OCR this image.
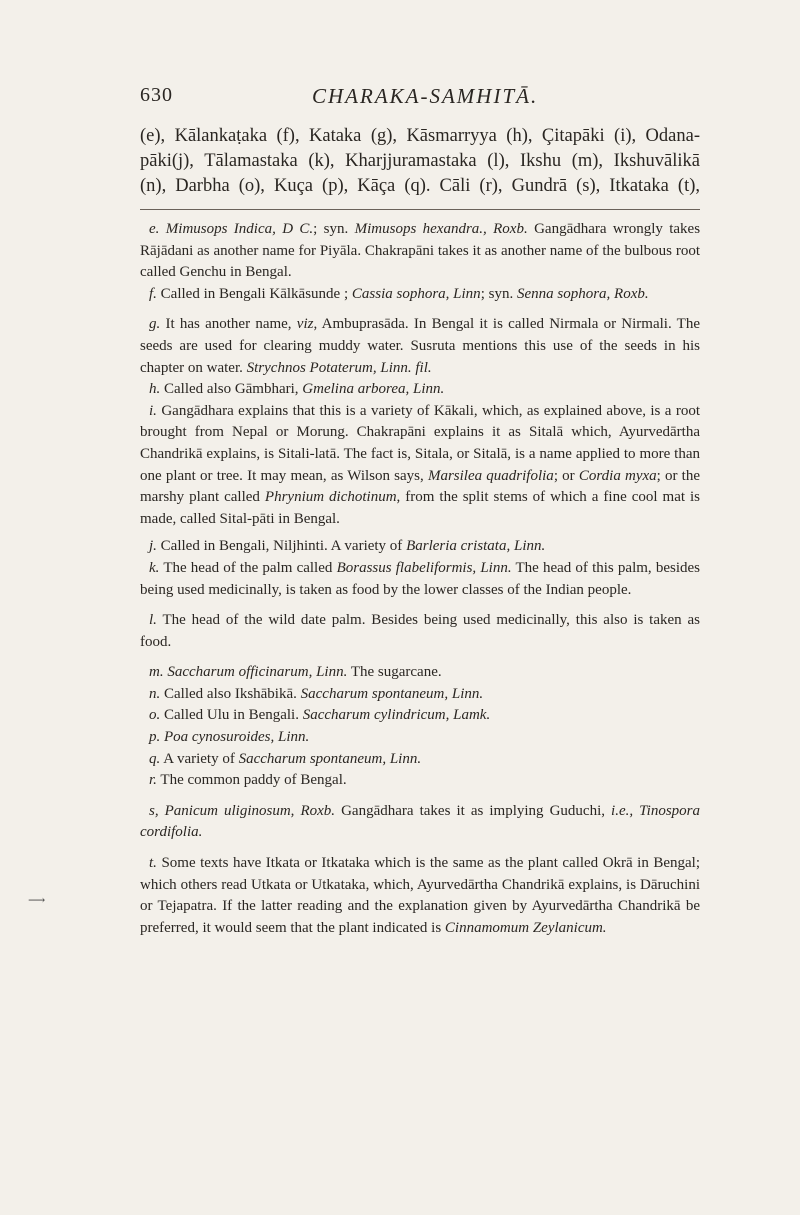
630	CHARAKA-SAMHITĀ.
(e), Kālankaṭaka (f), Kataka (g), Kāsmarryya (h), Çitapāki (i), Odana-
pāki(j), Tālamastaka (k), Kharjjuramastaka (l), Ikshu (m), Ikshuvālikā
(n), Darbha (o), Kuça (p), Kāça (q). Cāli (r), Gundrā (s), Itkataka (t),

e. Mimusops Indica, D C.; syn. Mimusops hexandra., Roxb. Gangādhara wrongly takes Rājādani as another name for Piyāla. Chakrapāni takes it as another name of the bulbous root called Genchu in Bengal.

f. Called in Bengali Kālkāsunde ; Cassia sophora, Linn; syn. Senna sophora, Roxb.

g. It has another name, viz, Ambuprasāda. In Bengal it is called Nirmala or Nirmali. The seeds are used for clearing muddy water. Susruta mentions this use of the seeds in his chapter on water. Strychnos Potaterum, Linn. fil.

h. Called also Gāmbhari, Gmelina arborea, Linn.

i. Gangādhara explains that this is a variety of Kākali, which, as explained above, is a root brought from Nepal or Morung. Chakrapāni explains it as Sitalā which, Ayurvedārtha Chandrikā explains, is Sitali-latā. The fact is, Sitala, or Sitalā, is a name applied to more than one plant or tree. It may mean, as Wilson says, Marsilea quadrifolia; or Cordia myxa; or the marshy plant called Phrynium dichotinum, from the split stems of which a fine cool mat is made, called Sital-pāti in Bengal.

j. Called in Bengali, Niljhinti. A variety of Barleria cristata, Linn.

k. The head of the palm called Borassus flabeliformis, Linn. The head of this palm, besides being used medicinally, is taken as food by the lower classes of the Indian people.

l. The head of the wild date palm. Besides being used medicinally, this also is taken as food.

m. Saccharum officinarum, Linn. The sugarcane.

n. Called also Ikshābikā. Saccharum spontaneum, Linn.

o. Called Ulu in Bengali. Saccharum cylindricum, Lamk.

p. Poa cynosuroides, Linn.

q. A variety of Saccharum spontaneum, Linn.

r. The common paddy of Bengal.

s, Panicum uliginosum, Roxb. Gangādhara takes it as implying Guduchi, i.e., Tinospora cordifolia.

t. Some texts have Itkata or Itkataka which is the same as the plant called Okrā in Bengal; which others read Utkata or Utkataka, which, Ayurvedārtha Chandrikā explains, is Dāruchini or Tejapatra. If the latter reading and the explanation given by Ayurvedārtha Chandrikā be preferred, it would seem that the plant indicated is Cinnamomum Zeylanicum.

⟶
